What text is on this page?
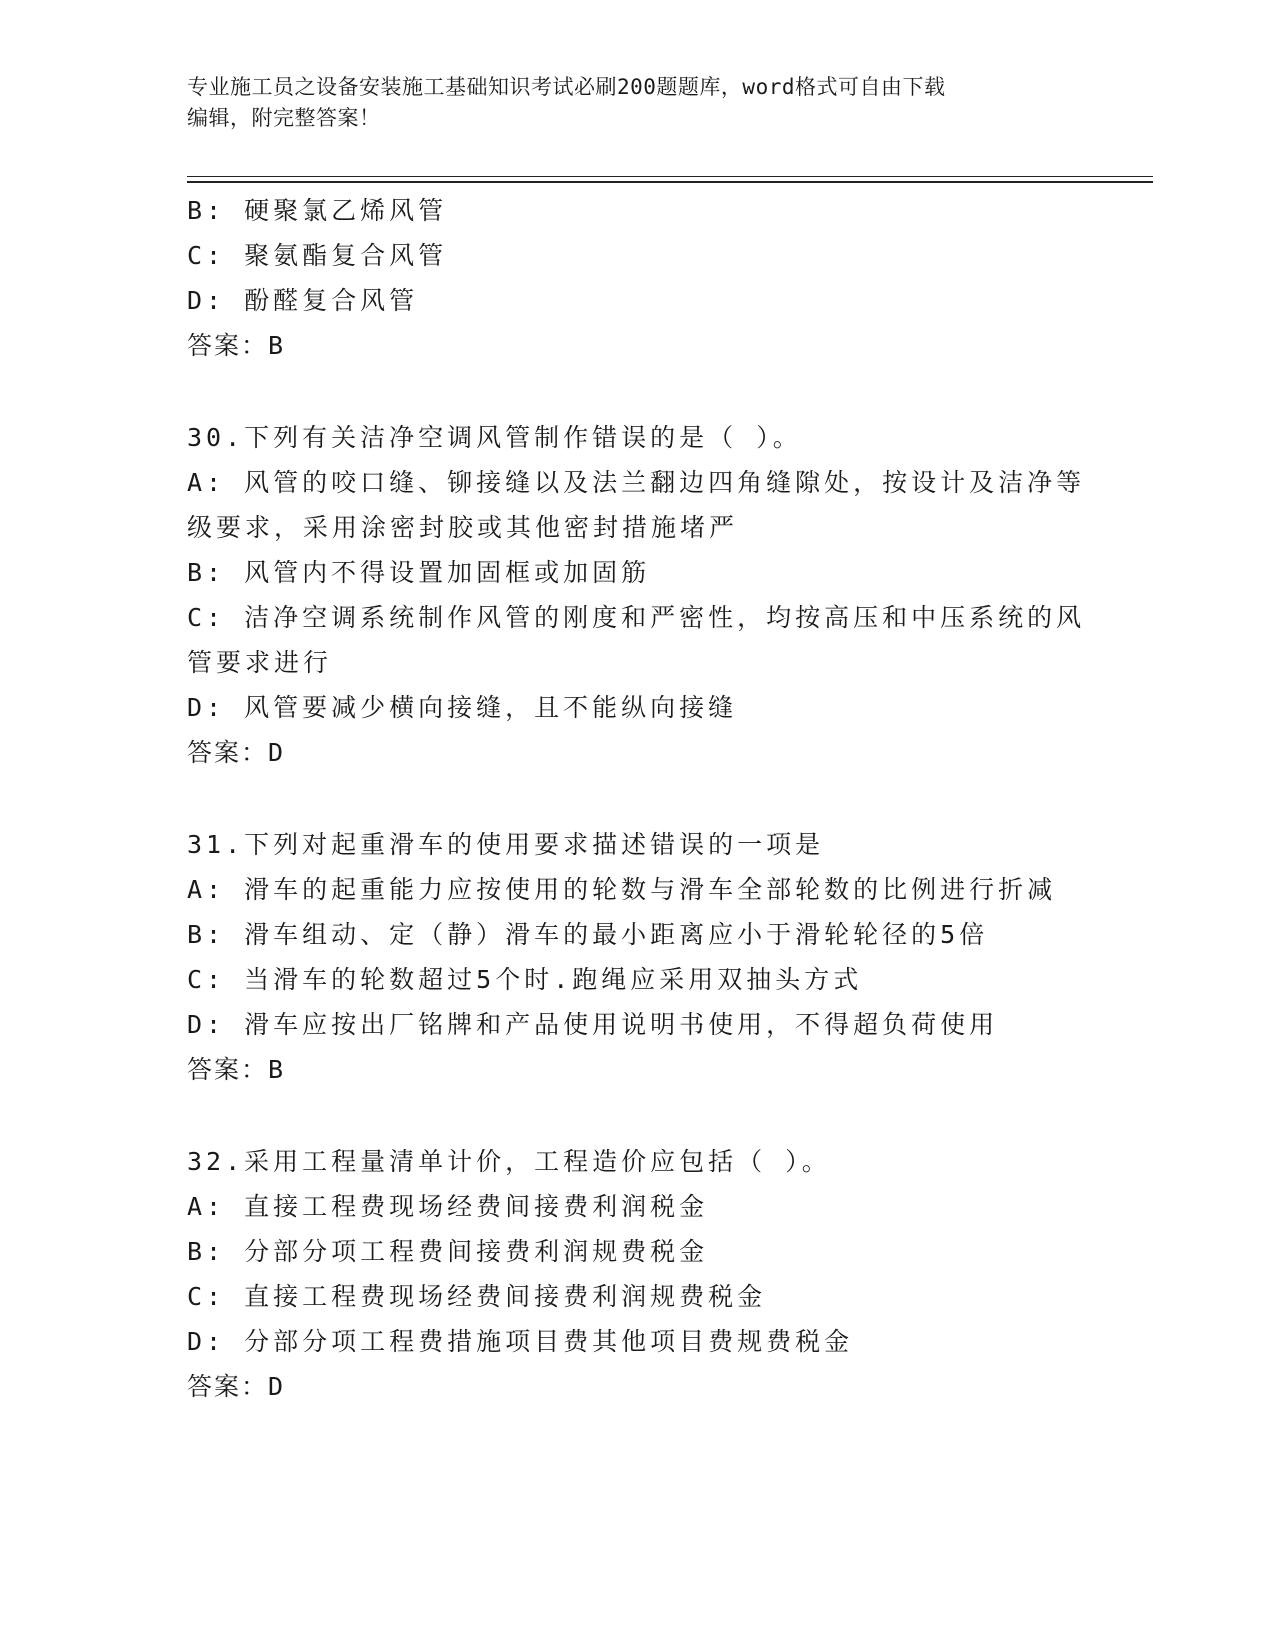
专业施工员之设备安装施工基础知识考试必刷200题题库，word格式可自由下载
编辑，附完整答案！
B: 硬聚氯乙烯风管
C: 聚氨酯复合风管
D: 酚醛复合风管
答案：B
30.下列有关洁净空调风管制作错误的是（ ）。
A: 风管的咬口缝、铆接缝以及法兰翻边四角缝隙处，按设计及洁净等
级要求，采用涂密封胶或其他密封措施堵严
B: 风管内不得设置加固框或加固筋
C: 洁净空调系统制作风管的刚度和严密性，均按高压和中压系统的风
管要求进行
D: 风管要减少横向接缝，且不能纵向接缝
答案：D
31.下列对起重滑车的使用要求描述错误的一项是
A: 滑车的起重能力应按使用的轮数与滑车全部轮数的比例进行折减
B: 滑车组动、定（静）滑车的最小距离应小于滑轮轮径的5倍
C: 当滑车的轮数超过5个时.跑绳应采用双抽头方式
D: 滑车应按出厂铭牌和产品使用说明书使用，不得超负荷使用
答案：B
32.采用工程量清单计价，工程造价应包括（ ）。
A: 直接工程费现场经费间接费利润税金
B: 分部分项工程费间接费利润规费税金
C: 直接工程费现场经费间接费利润规费税金
D: 分部分项工程费措施项目费其他项目费规费税金
答案：D
